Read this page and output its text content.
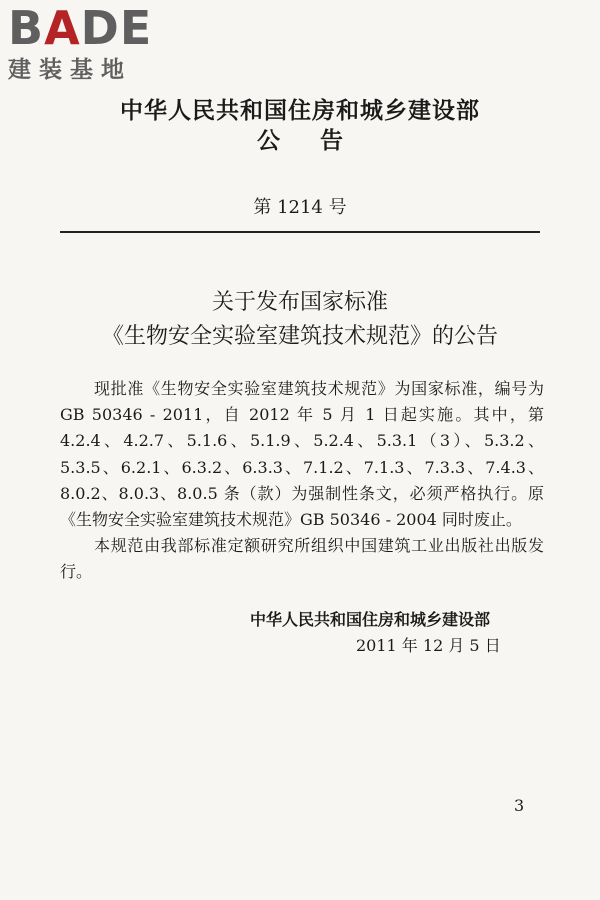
BADE
建装基地
中华人民共和国住房和城乡建设部
公告
第 1214 号
关于发布国家标准
《生物安全实验室建筑技术规范》的公告

现批准《生物安全实验室建筑技术规范》为国家标准，编号为 GB 50346 - 2011，自 2012 年 5 月 1 日起实施。其中，第 4.2.4、4.2.7、5.1.6、5.1.9、5.2.4、5.3.1（3）、5.3.2、5.3.5、6.2.1、6.3.2、6.3.3、7.1.2、7.1.3、7.3.3、7.4.3、8.0.2、8.0.3、8.0.5 条（款）为强制性条文，必须严格执行。原《生物安全实验室建筑技术规范》GB 50346 - 2004 同时废止。

本规范由我部标准定额研究所组织中国建筑工业出版社出版发行。

中华人民共和国住房和城乡建设部
2011 年 12 月 5 日
3
